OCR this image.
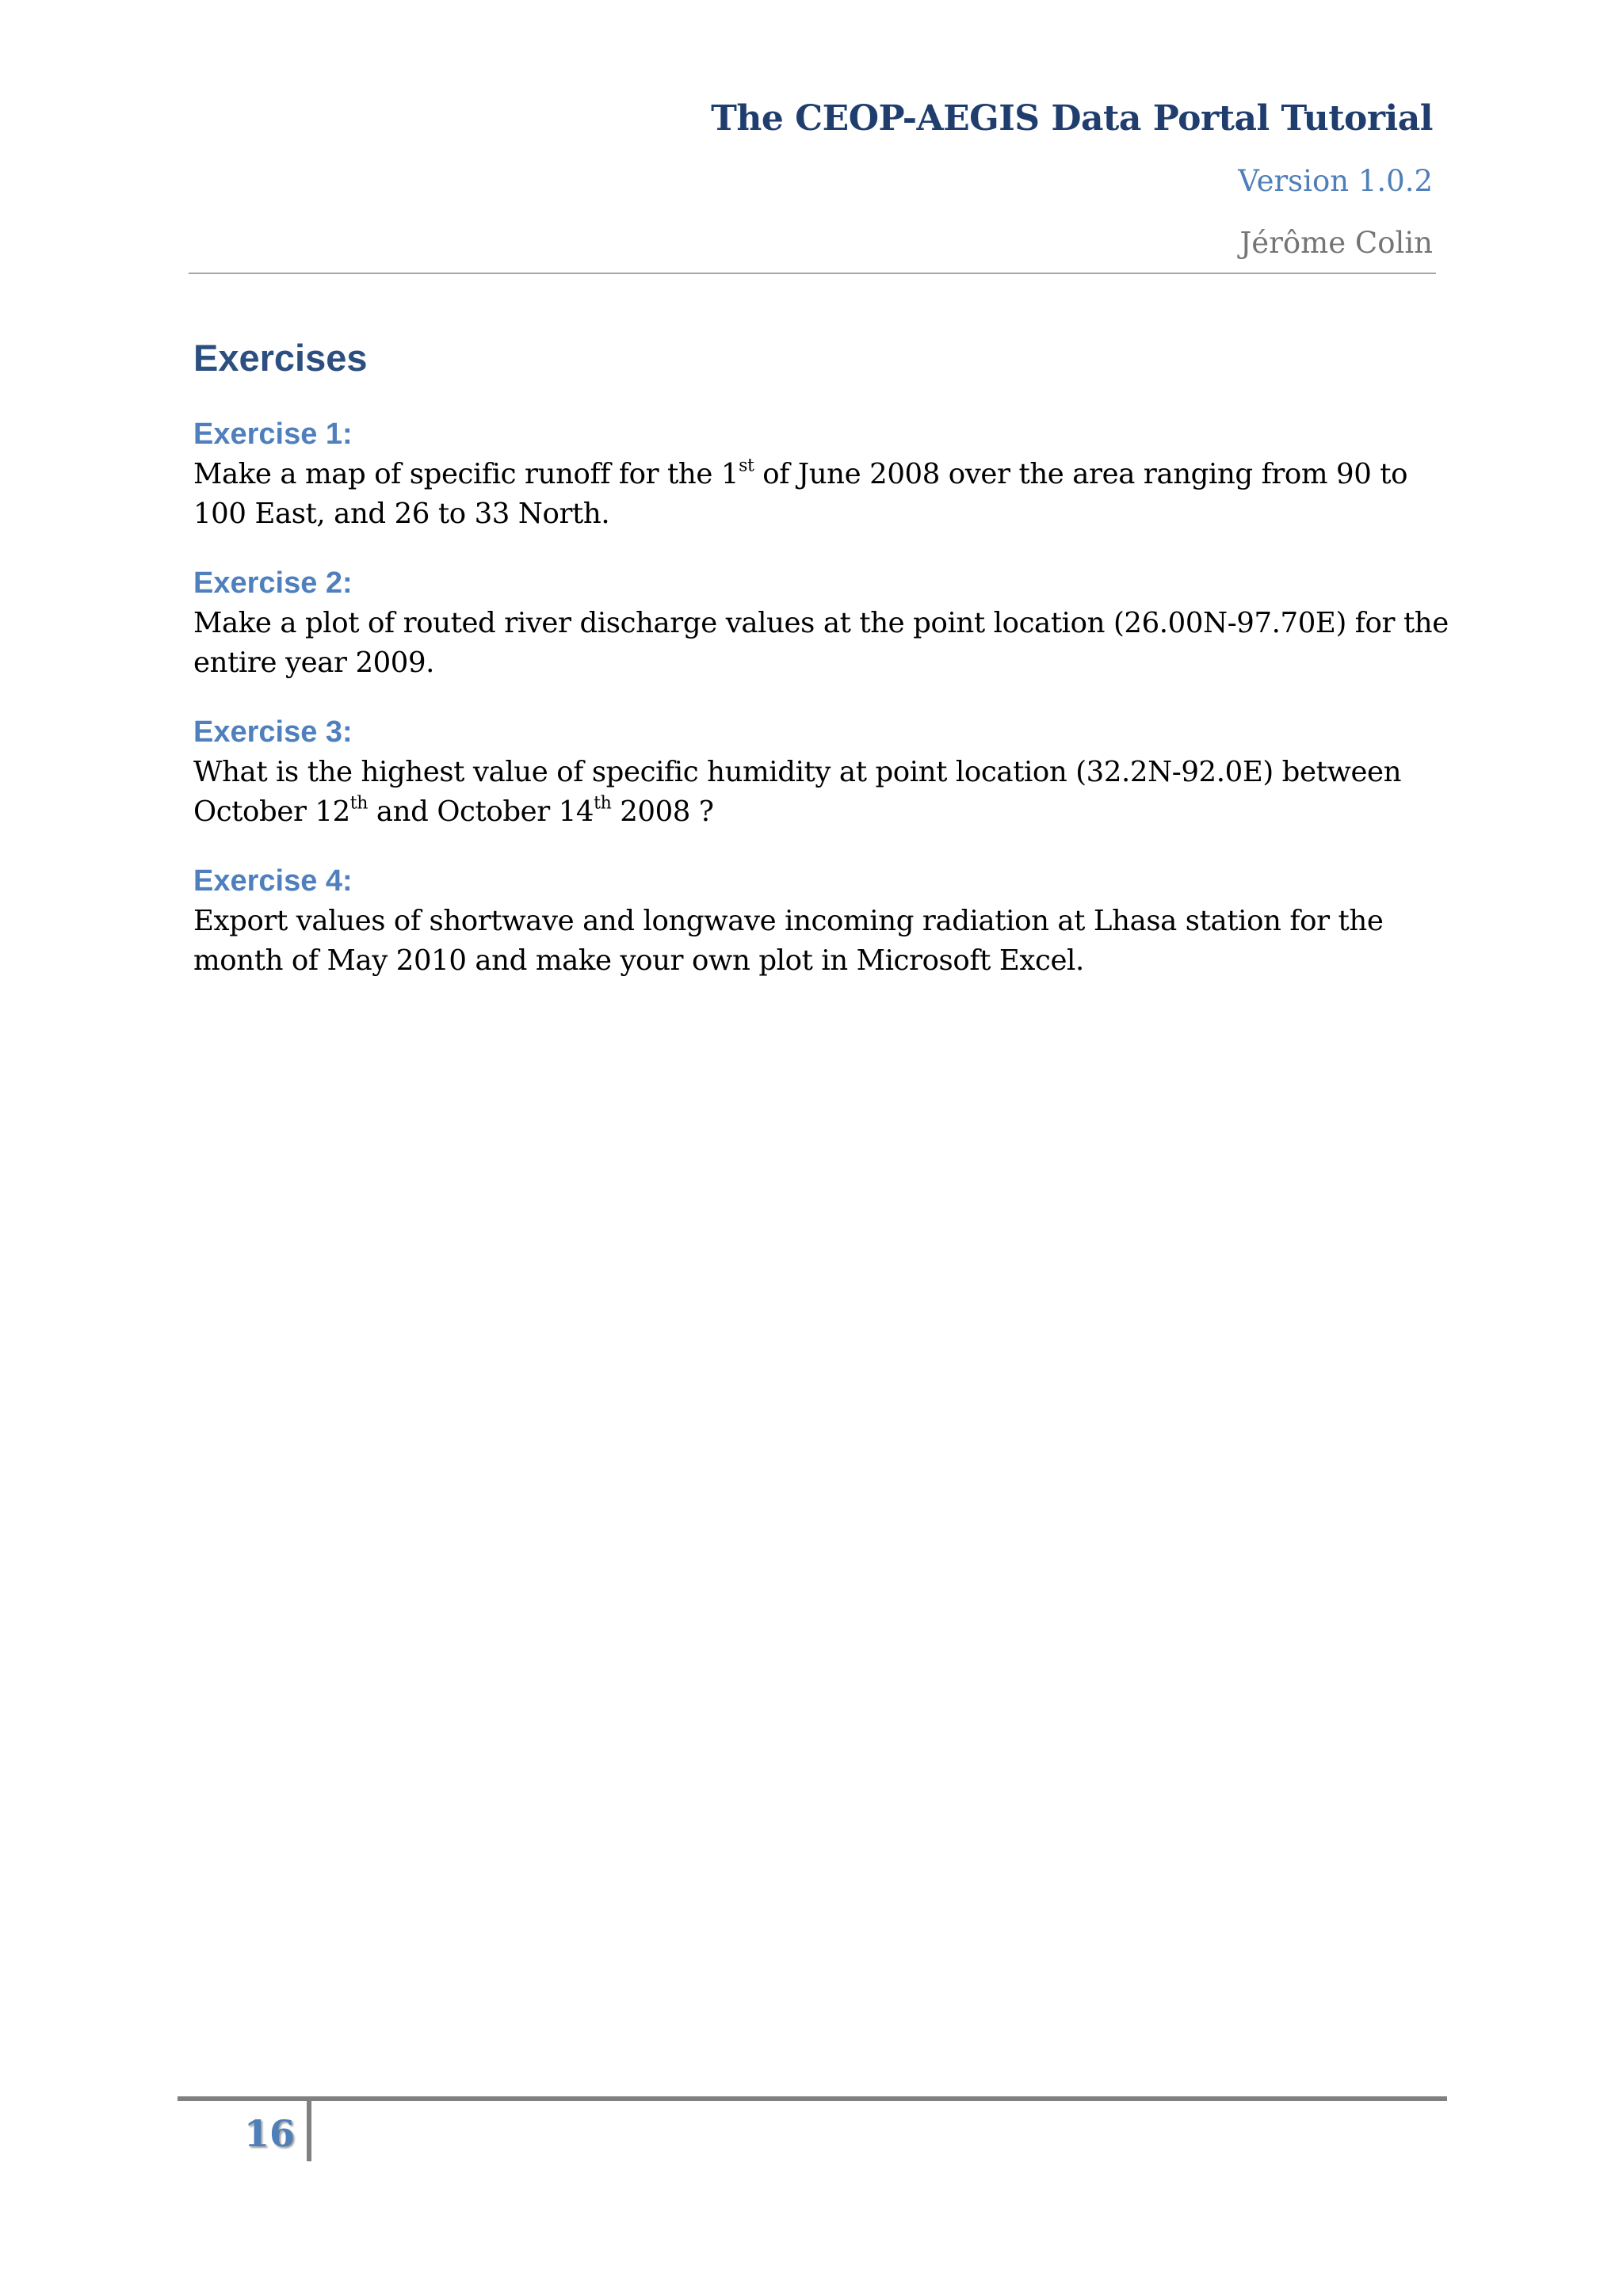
The CEOP-AEGIS Data Portal Tutorial
Version 1.0.2
Jérôme Colin
Exercises
Exercise 1:

Make a map of specific runoff for the 1st of June 2008 over the area ranging from 90 to 100 East, and 26 to 33 North.

Exercise 2:

Make a plot of routed river discharge values at the point location (26.00N-97.70E) for the entire year 2009.

Exercise 3:

What is the highest value of specific humidity at point location (32.2N-92.0E) between October 12th and October 14th 2008 ?

Exercise 4:

Export values of shortwave and longwave incoming radiation at Lhasa station for the month of May 2010 and make your own plot in Microsoft Excel.

16
